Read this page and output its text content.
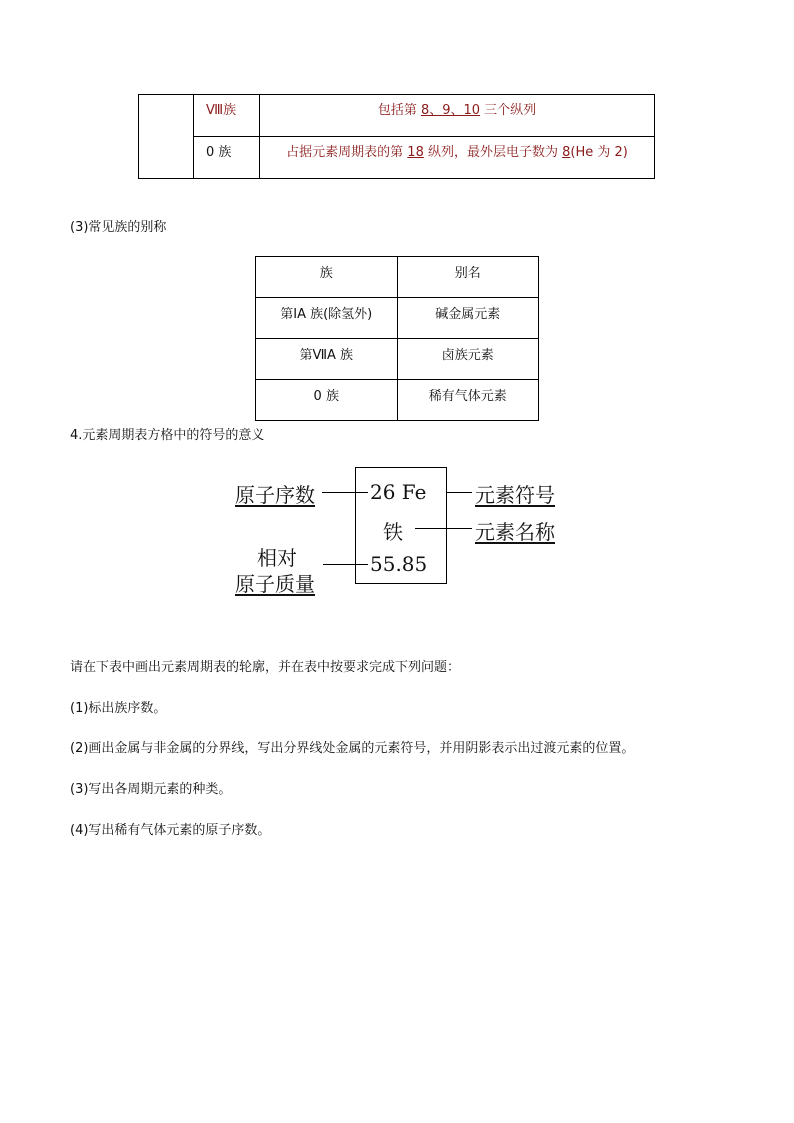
	Ⅷ族	包括第 8、9、10 三个纵列
	0 族	占据元素周期表的第 18 纵列，最外层电子数为 8(He 为 2)
(3)常见族的别称
族	别名
第ⅠA 族(除氢外)	碱金属元素
第ⅦA 族	卤族元素
0 族	稀有气体元素
4.元素周期表方格中的符号的意义
原子序数	26 Fe 元素符号
铁	元素名称
相对
原子质量
55.85
请在下表中画出元素周期表的轮廓，并在表中按要求完成下列问题：
(1)标出族序数。
(2)画出金属与非金属的分界线，写出分界线处金属的元素符号，并用阴影表示出过渡元素的位置。
(3)写出各周期元素的种类。
(4)写出稀有气体元素的原子序数。
